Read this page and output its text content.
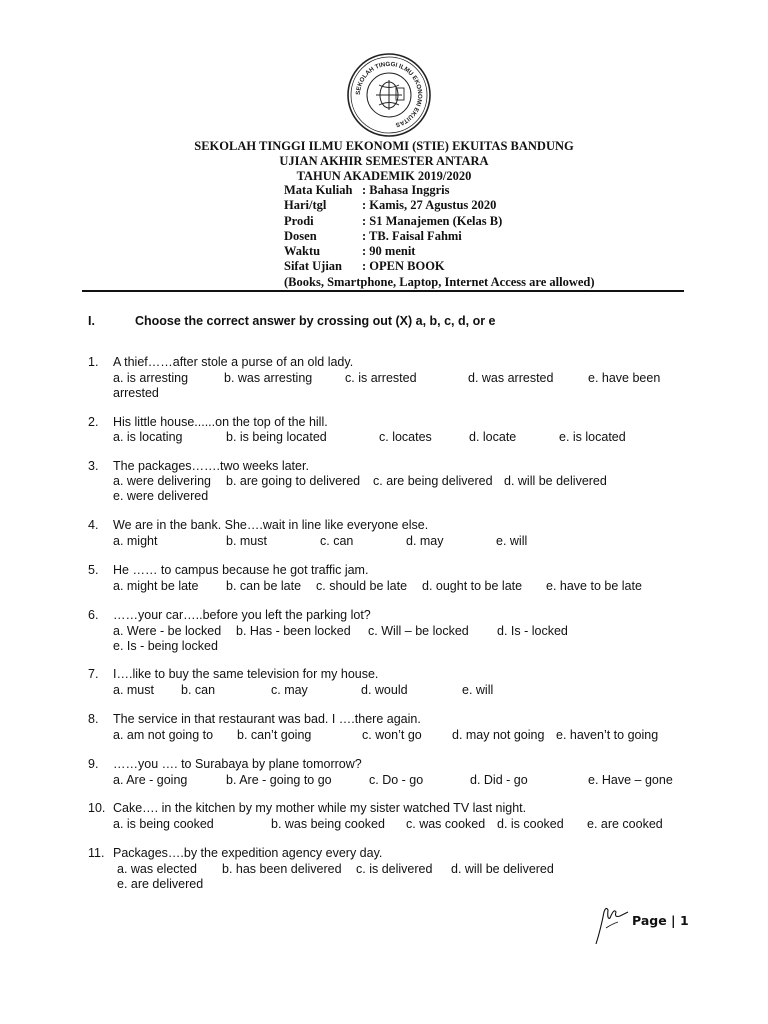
SEKOLAH TINGGI ILMU EKONOMI EKUITAS
SEKOLAH TINGGI ILMU EKONOMI (STIE) EKUITAS BANDUNG
UJIAN AKHIR SEMESTER ANTARA
TAHUN AKADEMIK 2019/2020
Mata Kuliah : Bahasa Inggris
Hari/tgl	: Kamis, 27 Agustus 2020
Prodi	: S1 Manajemen (Kelas B)
Dosen	: TB. Faisal Fahmi
Waktu	: 90 menit
Sifat Ujian : OPEN BOOK
(Books, Smartphone, Laptop, Internet Access are allowed)
I.	Choose the correct answer by crossing out (X) a, b, c, d, or e
1.	A thief……after stole a purse of an old lady.
a. is arresting	b. was arresting	c. is arrested	d. was arrested	e. have been
arrested
2.	His little house......on the top of the hill.
a. is locating	b. is being located	c. locates	d. locate	e. is located
3.	The packages…….two weeks later.
a. were delivering b. are going to delivered c. are being delivered d. will be delivered
e. were delivered
4.	We are in the bank. She….wait in line like everyone else.
a. might	b. must	c. can	d. may	e. will
5.	He …… to campus because he got traffic jam.
a. might be late b. can be late c. should be late d. ought to be late e. have to be late
6.	……your car…..before you left the parking lot?
a. Were - be locked b. Has - been locked c. Will – be locked d. Is - locked
e. Is - being locked
7.	I….like to buy the same television for my house.
a. must b. can	c. may	d. would	e. will
8.	The service in that restaurant was bad. I ….there again.
a. am not going to b. can’t going	c. won’t go d. may not going e. haven’t to going
9.	……you …. to Surabaya by plane tomorrow?
a. Are - going	b. Are - going to go	c. Do - go	d. Did - go	e. Have – gone
10. Cake…. in the kitchen by my mother while my sister watched TV last night.
a. is being cooked	b. was being cooked c. was cooked d. is cooked e. are cooked
11. Packages….by the expedition agency every day.
a. was elected b. has been delivered c. is delivered d. will be delivered
e. are delivered
Page | 1
